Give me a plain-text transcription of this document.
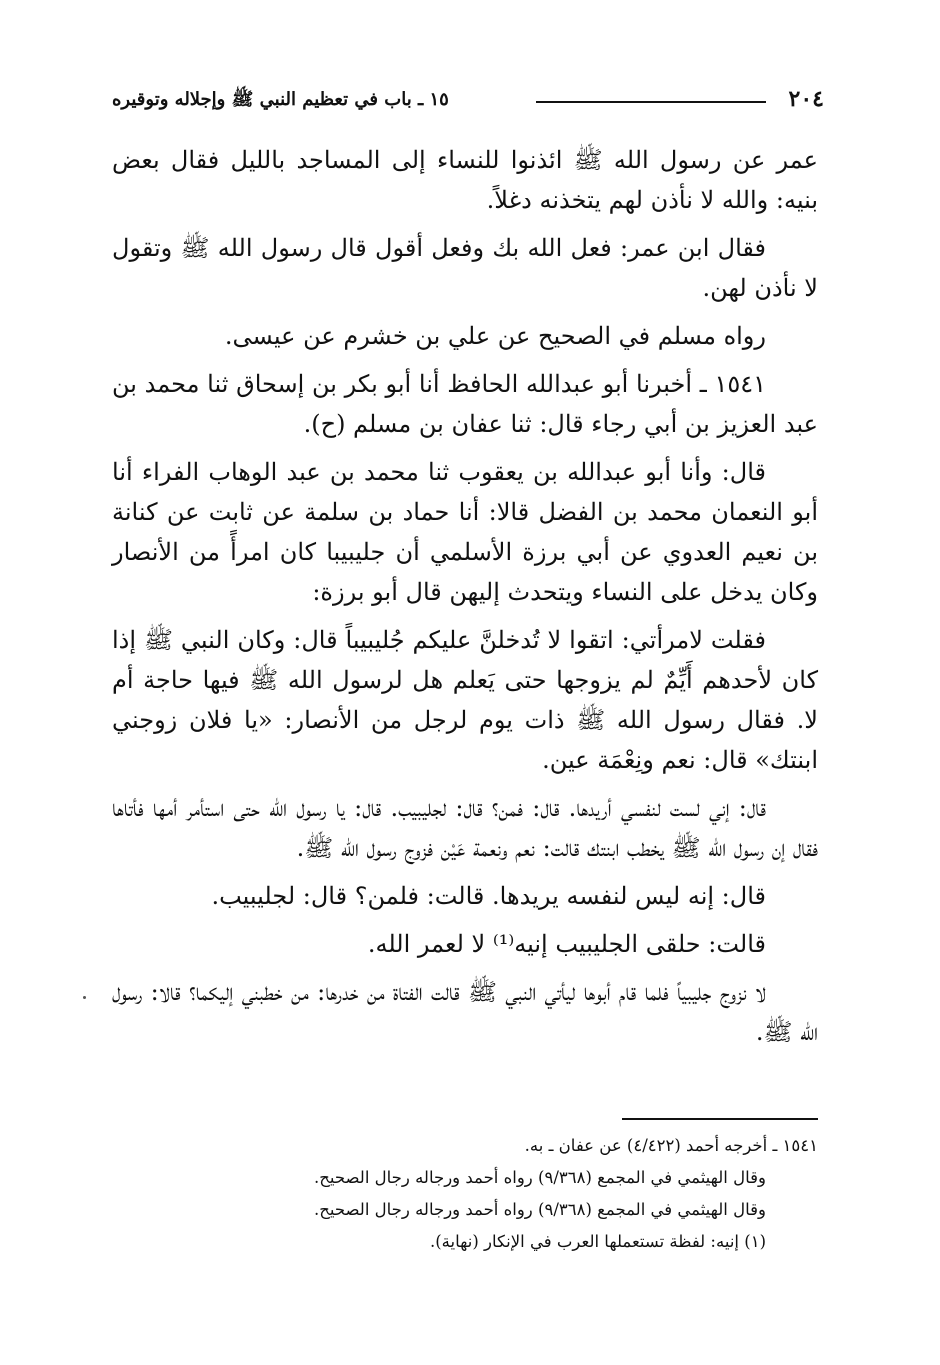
٢٠٤
١٥ ـ باب في تعظيم النبي ﷺ وإجلاله وتوقيره

عمر عن رسول الله ﷺ ائذنوا للنساء إلى المساجد بالليل فقال بعض بنيه: والله لا نأذن لهم يتخذنه دغلاً.

فقال ابن عمر: فعل الله بك وفعل أقول قال رسول الله ﷺ وتقول لا نأذن لهن.

رواه مسلم في الصحيح عن علي بن خشرم عن عيسى.

١٥٤١ ـ أخبرنا أبو عبدالله الحافظ أنا أبو بكر بن إسحاق ثنا محمد بن عبد العزيز بن أبي رجاء قال: ثنا عفان بن مسلم (ح).

قال: وأنا أبو عبدالله بن يعقوب ثنا محمد بن عبد الوهاب الفراء أنا أبو النعمان محمد بن الفضل قالا: أنا حماد بن سلمة عن ثابت عن كنانة بن نعيم العدوي عن أبي برزة الأسلمي أن جليبيبا كان امرأً من الأنصار وكان يدخل على النساء ويتحدث إليهن قال أبو برزة:

فقلت لامرأتي: اتقوا لا تُدخلنَّ عليكم جُليبيباً قال: وكان النبي ﷺ إذا كان لأحدهم أَيِّمٌ لم يزوجها حتى يَعلم هل لرسول الله ﷺ فيها حاجة أم لا. فقال رسول الله ﷺ ذات يوم لرجل من الأنصار: «يا فلان زوجني ابنتك» قال: نعم ونِعْمَة عين.

قال: إني لست لنفسي أريدها. قال: فمن؟ قال: لجليبيب. قال: يا رسول الله حتى استأمر أمها فأتاها فقال إن رسول الله ﷺ يخطب ابنتك قالت: نعم ونعمة عَيْن فزوج رسول الله ﷺ.

قال: إنه ليس لنفسه يريدها. قالت: فلمن؟ قال: لجليبيب.

قالت: حلقى الجليبيب إنيه⁽¹⁾ لا لعمر الله.

لا نزوج جليبياً فلما قام أبوها ليأتي النبي ﷺ قالت الفتاة من خدرها: من خطبني إليكما؟ قالا: رسول الله ﷺ.

١٥٤١ ـ أخرجه أحمد (٤/٤٢٢) عن عفان ـ به.
وقال الهيثمي في المجمع (٩/٣٦٨) رواه أحمد ورجاله رجال الصحيح.
وقال الهيثمي في المجمع (٩/٣٦٨) رواه أحمد ورجاله رجال الصحيح.
(١) إنيه: لفظة تستعملها العرب في الإنكار (نهاية).
